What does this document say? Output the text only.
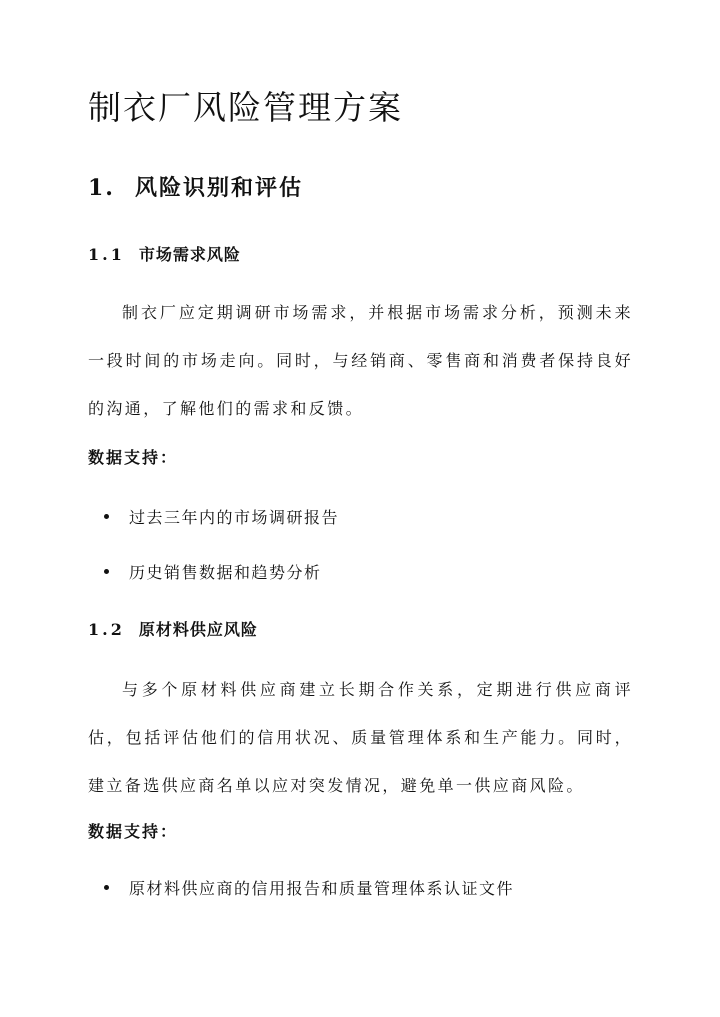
制衣厂风险管理方案
1. 风险识别和评估
1.1 市场需求风险
制衣厂应定期调研市场需求，并根据市场需求分析，预测未来一段时间的市场走向。同时，与经销商、零售商和消费者保持良好的沟通，了解他们的需求和反馈。
数据支持：
过去三年内的市场调研报告
历史销售数据和趋势分析
1.2 原材料供应风险
与多个原材料供应商建立长期合作关系，定期进行供应商评估，包括评估他们的信用状况、质量管理体系和生产能力。同时，建立备选供应商名单以应对突发情况，避免单一供应商风险。
数据支持：
原材料供应商的信用报告和质量管理体系认证文件
